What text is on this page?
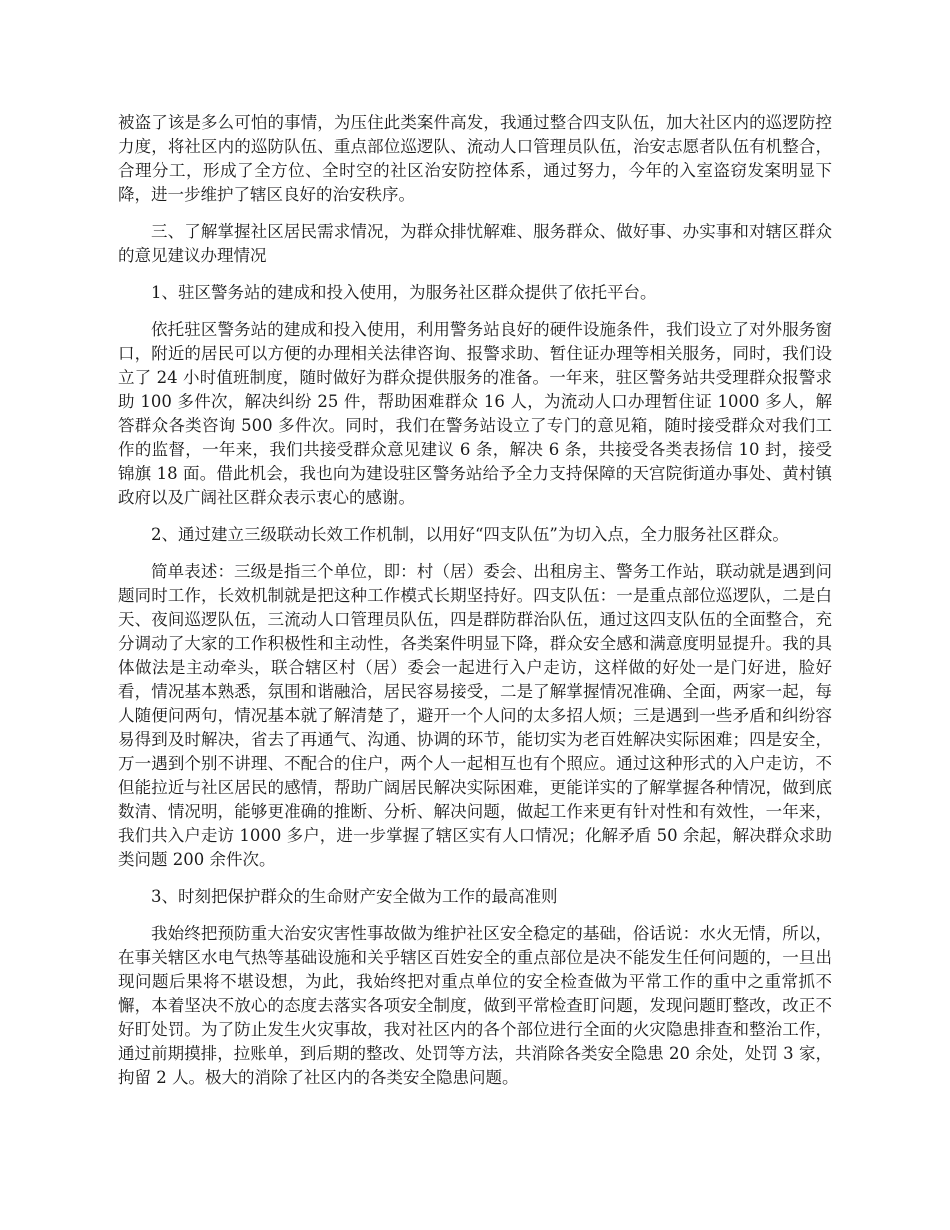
被盗了该是多么可怕的事情，为压住此类案件高发，我通过整合四支队伍，加大社区内的巡逻防控力度，将社区内的巡防队伍、重点部位巡逻队、流动人口管理员队伍，治安志愿者队伍有机整合，合理分工，形成了全方位、全时空的社区治安防控体系，通过努力，今年的入室盗窃发案明显下降，进一步维护了辖区良好的治安秩序。

三、了解掌握社区居民需求情况，为群众排忧解难、服务群众、做好事、办实事和对辖区群众的意见建议办理情况

1、驻区警务站的建成和投入使用，为服务社区群众提供了依托平台。

依托驻区警务站的建成和投入使用，利用警务站良好的硬件设施条件，我们设立了对外服务窗口，附近的居民可以方便的办理相关法律咨询、报警求助、暂住证办理等相关服务，同时，我们设立了 24 小时值班制度，随时做好为群众提供服务的准备。一年来，驻区警务站共受理群众报警求助 100 多件次，解决纠纷 25 件，帮助困难群众 16 人，为流动人口办理暂住证 1000 多人，解答群众各类咨询 500 多件次。同时，我们在警务站设立了专门的意见箱，随时接受群众对我们工作的监督，一年来，我们共接受群众意见建议 6 条，解决 6 条，共接受各类表扬信 10 封，接受锦旗 18 面。借此机会，我也向为建设驻区警务站给予全力支持保障的天宫院街道办事处、黄村镇政府以及广阔社区群众表示衷心的感谢。

2、通过建立三级联动长效工作机制，以用好“四支队伍”为切入点，全力服务社区群众。

简单表述：三级是指三个单位，即：村（居）委会、出租房主、警务工作站，联动就是遇到问题同时工作，长效机制就是把这种工作模式长期坚持好。四支队伍：一是重点部位巡逻队，二是白天、夜间巡逻队伍，三流动人口管理员队伍，四是群防群治队伍，通过这四支队伍的全面整合，充分调动了大家的工作积极性和主动性，各类案件明显下降，群众安全感和满意度明显提升。我的具体做法是主动牵头，联合辖区村（居）委会一起进行入户走访，这样做的好处一是门好进，脸好看，情况基本熟悉，氛围和谐融洽，居民容易接受，二是了解掌握情况准确、全面，两家一起，每人随便问两句，情况基本就了解清楚了，避开一个人问的太多招人烦；三是遇到一些矛盾和纠纷容易得到及时解决，省去了再通气、沟通、协调的环节，能切实为老百姓解决实际困难；四是安全，万一遇到个别不讲理、不配合的住户，两个人一起相互也有个照应。通过这种形式的入户走访，不但能拉近与社区居民的感情，帮助广阔居民解决实际困难，更能详实的了解掌握各种情况，做到底数清、情况明，能够更准确的推断、分析、解决问题，做起工作来更有针对性和有效性，一年来，我们共入户走访 1000 多户，进一步掌握了辖区实有人口情况；化解矛盾 50 余起，解决群众求助类问题 200 余件次。

3、时刻把保护群众的生命财产安全做为工作的最高准则

我始终把预防重大治安灾害性事故做为维护社区安全稳定的基础，俗话说：水火无情，所以，在事关辖区水电气热等基础设施和关乎辖区百姓安全的重点部位是决不能发生任何问题的，一旦出现问题后果将不堪设想，为此，我始终把对重点单位的安全检查做为平常工作的重中之重常抓不懈，本着坚决不放心的态度去落实各项安全制度，做到平常检查盯问题，发现问题盯整改，改正不好盯处罚。为了防止发生火灾事故，我对社区内的各个部位进行全面的火灾隐患排查和整治工作，通过前期摸排，拉账单，到后期的整改、处罚等方法，共消除各类安全隐患 20 余处，处罚 3 家，拘留 2 人。极大的消除了社区内的各类安全隐患问题。
